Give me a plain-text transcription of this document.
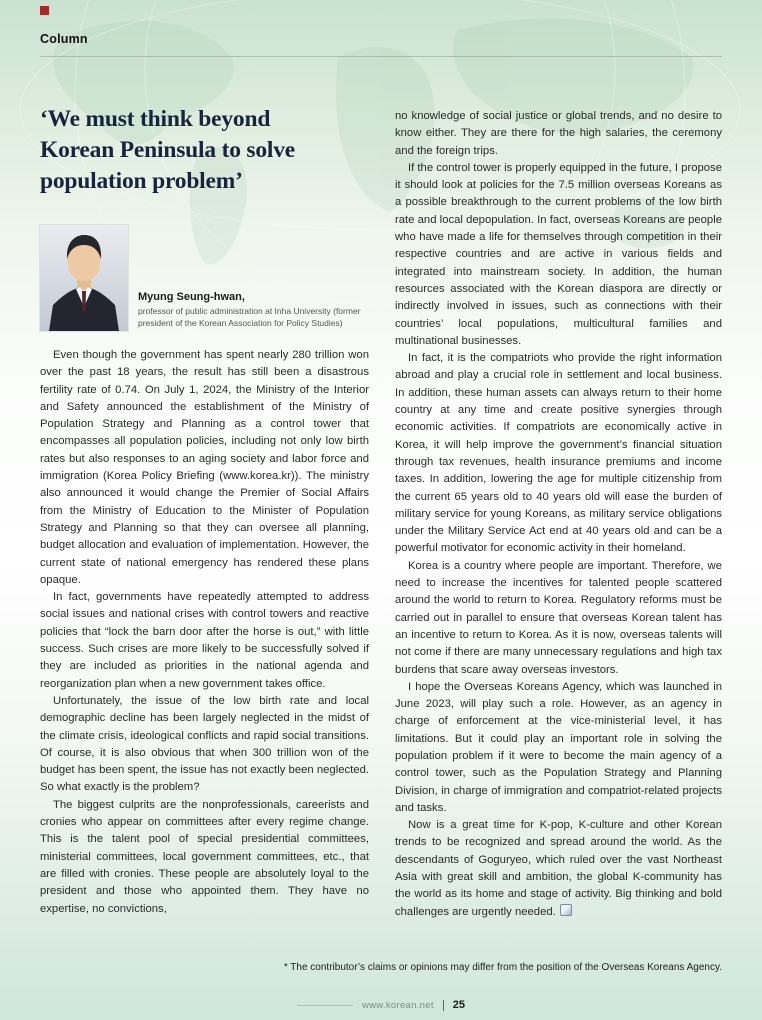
Column
‘We must think beyond
Korean Peninsula to solve
population problem’
Myung Seung-hwan,
professor of public administration at Inha University (former president of the Korean Association for Policy Studies)

Even though the government has spent nearly 280 trillion won over the past 18 years, the result has still been a disastrous fertility rate of 0.74. On July 1, 2024, the Ministry of the Interior and Safety announced the establishment of the Ministry of Population Strategy and Planning as a control tower that encompasses all population policies, including not only low birth rates but also responses to an aging society and labor force and immigration (Korea Policy Briefing (www.korea.kr)). The ministry also announced it would change the Premier of Social Affairs from the Ministry of Education to the Minister of Population Strategy and Planning so that they can oversee all planning, budget allocation and evaluation of implementation. However, the current state of national emergency has rendered these plans opaque.

In fact, governments have repeatedly attempted to address social issues and national crises with control towers and reactive policies that “lock the barn door after the horse is out,” with little success. Such crises are more likely to be successfully solved if they are included as priorities in the national agenda and reorganization plan when a new government takes office.

Unfortunately, the issue of the low birth rate and local demographic decline has been largely neglected in the midst of the climate crisis, ideological conflicts and rapid social transitions. Of course, it is also obvious that when 300 trillion won of the budget has been spent, the issue has not exactly been neglected. So what exactly is the problem?

The biggest culprits are the nonprofessionals, careerists and cronies who appear on committees after every regime change. This is the talent pool of special presidential committees, ministerial committees, local government committees, etc., that are filled with cronies. These people are absolutely loyal to the president and those who appointed them. They have no expertise, no convictions,

no knowledge of social justice or global trends, and no desire to know either. They are there for the high salaries, the ceremony and the foreign trips.

If the control tower is properly equipped in the future, I propose it should look at policies for the 7.5 million overseas Koreans as a possible breakthrough to the current problems of the low birth rate and local depopulation. In fact, overseas Koreans are people who have made a life for themselves through competition in their respective countries and are active in various fields and integrated into mainstream society. In addition, the human resources associated with the Korean diaspora are directly or indirectly involved in issues, such as connections with their countries’ local populations, multicultural families and multinational businesses.

In fact, it is the compatriots who provide the right information abroad and play a crucial role in settlement and local business. In addition, these human assets can always return to their home country at any time and create positive synergies through economic activities. If compatriots are economically active in Korea, it will help improve the government’s financial situation through tax revenues, health insurance premiums and income taxes. In addition, lowering the age for multiple citizenship from the current 65 years old to 40 years old will ease the burden of military service for young Koreans, as military service obligations under the Military Service Act end at 40 years old and can be a powerful motivator for economic activity in their homeland.

Korea is a country where people are important. Therefore, we need to increase the incentives for talented people scattered around the world to return to Korea. Regulatory reforms must be carried out in parallel to ensure that overseas Korean talent has an incentive to return to Korea. As it is now, overseas talents will not come if there are many unnecessary regulations and high tax burdens that scare away overseas investors.

I hope the Overseas Koreans Agency, which was launched in June 2023, will play such a role. However, as an agency in charge of enforcement at the vice-ministerial level, it has limitations. But it could play an important role in solving the population problem if it were to become the main agency of a control tower, such as the Population Strategy and Planning Division, in charge of immigration and compatriot-related projects and tasks.

Now is a great time for K-pop, K-culture and other Korean trends to be recognized and spread around the world. As the descendants of Goguryeo, which ruled over the vast Northeast Asia with great skill and ambition, the global K-community has the world as its home and stage of activity. Big thinking and bold challenges are urgently needed.

* The contributor’s claims or opinions may differ from the position of the Overseas Koreans Agency.
www.korean.net 25
